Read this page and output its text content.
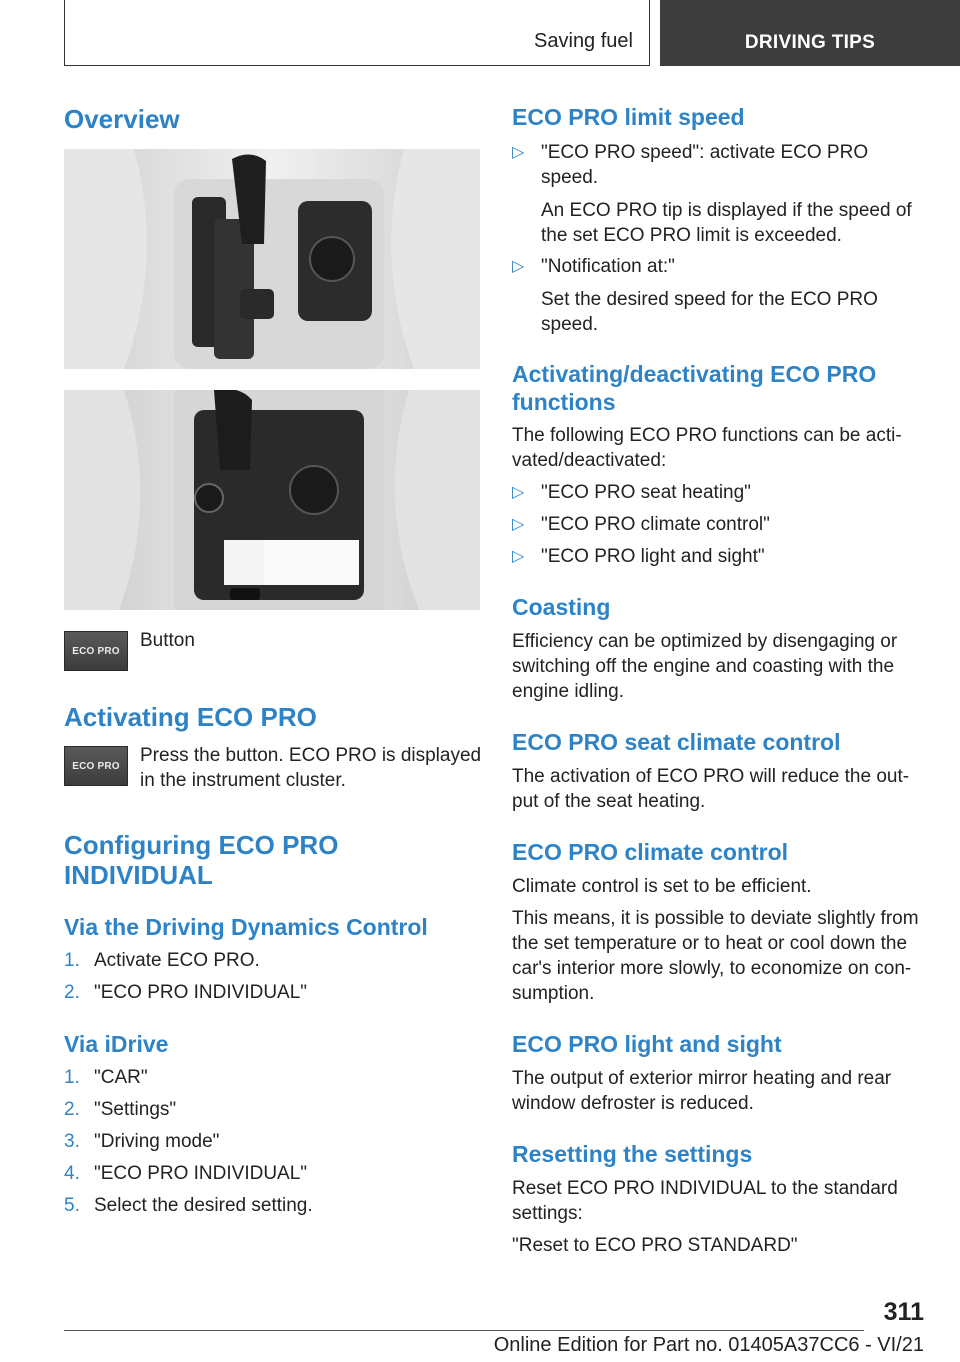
Saving fuel	DRIVING TIPS
Overview
ECO PRO Button

Activating ECO PRO
ECO PRO Press the button. ECO PRO is displayed in the instrument cluster.

Configuring ECO PRO
INDIVIDUAL
Via the Driving Dynamics Control
1. Activate ECO PRO.
2. "ECO PRO INDIVIDUAL"
Via iDrive
1. "CAR"
2. "Settings"
3. "Driving mode"
4. "ECO PRO INDIVIDUAL"
5. Select the desired setting.
ECO PRO limit speed
▷ "ECO PRO speed": activate ECO PRO speed.

An ECO PRO tip is displayed if the speed of the set ECO PRO limit is exceeded.

▷ "Notification at:"

Set the desired speed for the ECO PRO speed.

Activating/deactivating ECO PRO
functions

The following ECO PRO functions can be acti‐ vated/deactivated:

▷ "ECO PRO seat heating"
▷ "ECO PRO climate control"
▷ "ECO PRO light and sight"
Coasting

Efficiency can be optimized by disengaging or switching off the engine and coasting with the engine idling.

ECO PRO seat climate control

The activation of ECO PRO will reduce the out‐ put of the seat heating.

ECO PRO climate control

Climate control is set to be efficient.

This means, it is possible to deviate slightly from the set temperature or to heat or cool down the car's interior more slowly, to economize on con‐ sumption.

ECO PRO light and sight

The output of exterior mirror heating and rear window defroster is reduced.

Resetting the settings

Reset ECO PRO INDIVIDUAL to the standard settings:

"Reset to ECO PRO STANDARD"

311
Online Edition for Part no. 01405A37CC6 - VI/21
